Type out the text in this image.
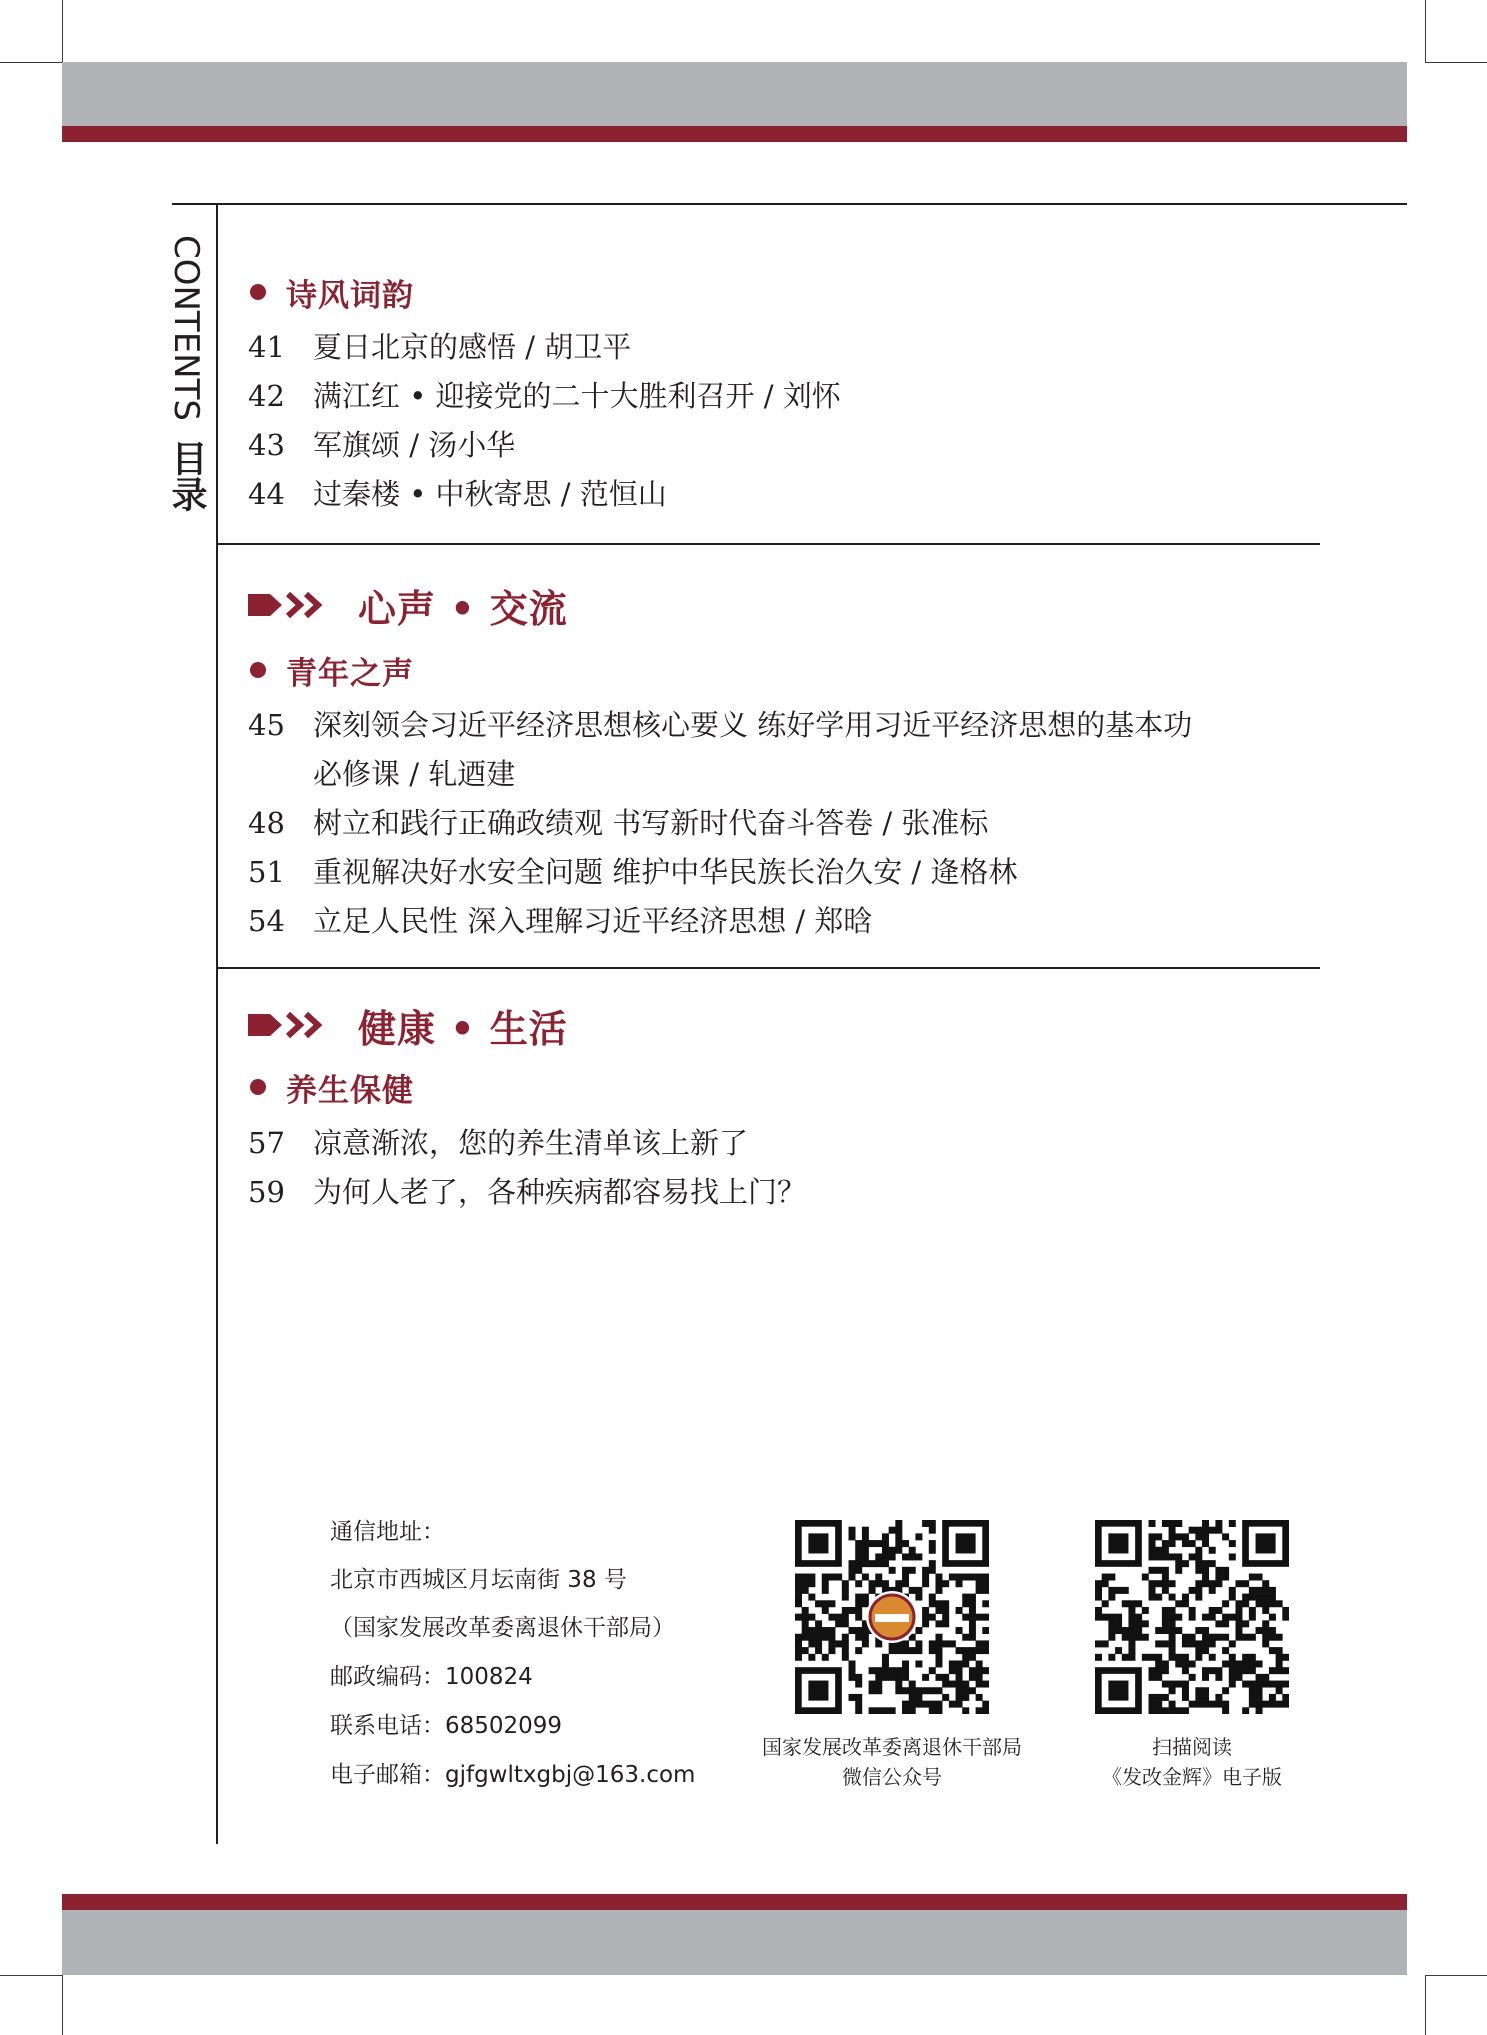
CONTENTS 目录
诗风词韵
41 夏日北京的感悟 / 胡卫平
42 满江红 • 迎接党的二十大胜利召开 / 刘怀
43 军旗颂 / 汤小华
44 过秦楼 • 中秋寄思 / 范恒山
心声 • 交流
青年之声
45 深刻领会习近平经济思想核心要义 练好学用习近平经济思想的基本功
必修课 / 轧迺建
48 树立和践行正确政绩观 书写新时代奋斗答卷 / 张准标
51 重视解决好水安全问题 维护中华民族长治久安 / 逄格林
54 立足人民性 深入理解习近平经济思想 / 郑晗
健康 • 生活
养生保健
57 凉意渐浓，您的养生清单该上新了
59 为何人老了，各种疾病都容易找上门？
通信地址：
北京市西城区月坛南街 38 号
（国家发展改革委离退休干部局）
邮政编码：100824
联系电话：68502099
电子邮箱：gjfgwltxgbj@163.com
国家发展改革委离退休干部局
微信公众号
扫描阅读
《发改金辉》电子版
